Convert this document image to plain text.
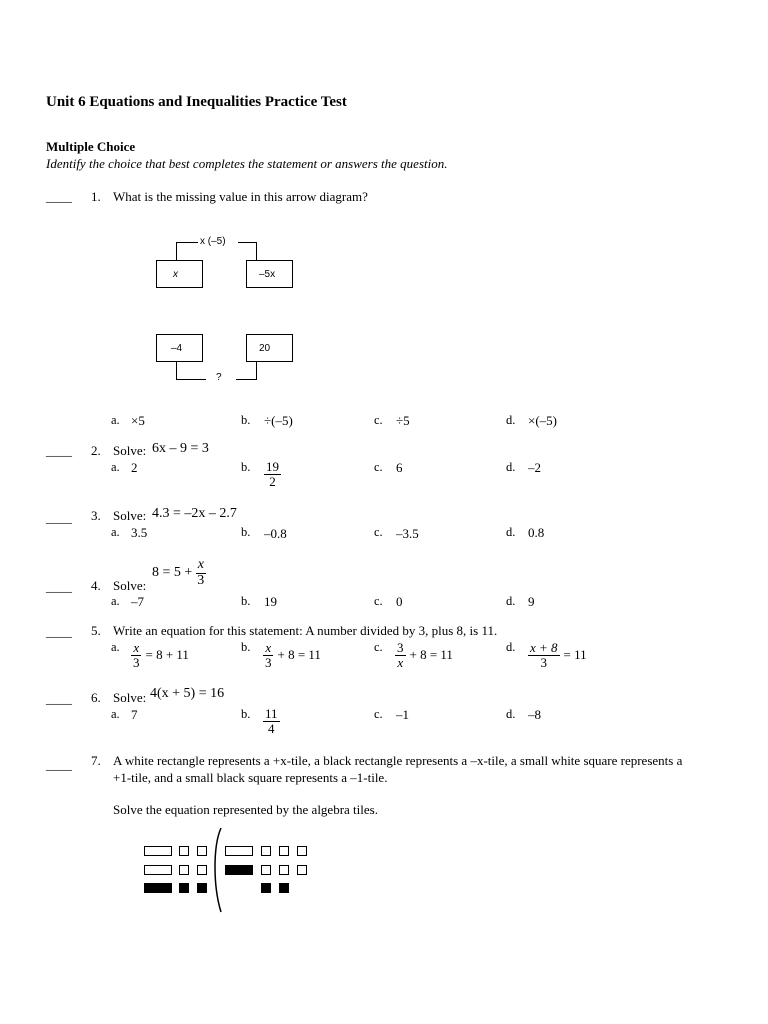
Unit 6 Equations and Inequalities Practice Test
Multiple Choice
Identify the choice that best completes the statement or answers the question.
____ 1. What is the missing value in this arrow diagram?
x (–5)
x	–5x
–4	20
?
a. ×5	b. ÷(–5)	c. ÷5	d. ×(–5)
____ 2. Solve: 6x – 9 = 3
a. 2	b. $\frac{19}{2}$	c. 6	d. –2
____ 3. Solve: 4.3 = –2x – 2.7
a. 3.5	b. –0.8	c. –3.5	d. 0.8
____ 4. Solve:
$8 = 5 + \frac{x}{3}$
a. –7	b. 19	c. 0	d. 9
____ 5. Write an equation for this statement: A number divided by 3, plus 8, is 11.
a. $\frac{x}{3} = 8 + 11$
b. $\frac{x}{3} + 8 = 11$
c. $\frac{3}{x} + 8 = 11$
d. $\frac{x + 8}{3} = 11$
____ 6. Solve: 4(x + 5) = 16
a. 7	b. $\frac{11}{4}$	c. –1	d. –8
____ 7. A white rectangle represents a +x-tile, a black rectangle represents a –x-tile, a small white square represents a
+1-tile, and a small black square represents a –1-tile.
Solve the equation represented by the algebra tiles.
